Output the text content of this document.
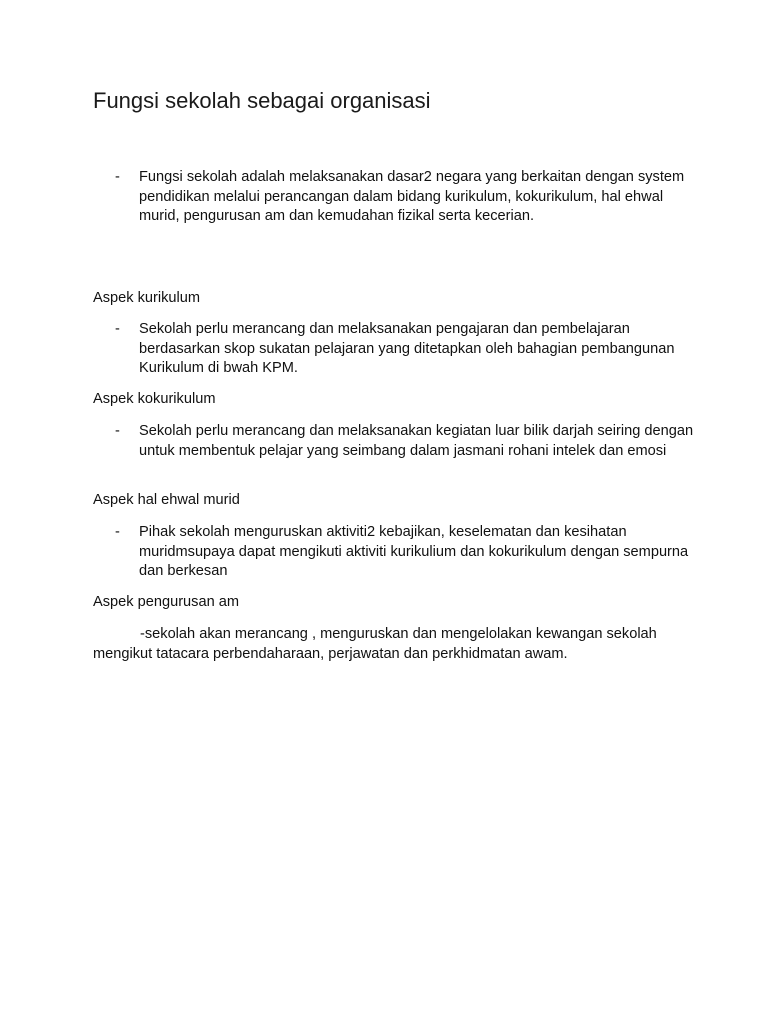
Fungsi sekolah sebagai organisasi
- Fungsi sekolah adalah melaksanakan dasar2 negara yang berkaitan dengan system pendidikan melalui perancangan dalam bidang kurikulum, kokurikulum, hal ehwal murid, pengurusan am dan kemudahan fizikal serta kecerian.

Aspek kurikulum

- Sekolah perlu merancang dan melaksanakan pengajaran dan pembelajaran berdasarkan skop sukatan pelajaran yang ditetapkan oleh bahagian pembangunan Kurikulum di bwah KPM.

Aspek kokurikulum

- Sekolah perlu merancang dan melaksanakan kegiatan luar bilik darjah seiring dengan untuk membentuk pelajar yang seimbang dalam jasmani rohani intelek dan emosi

Aspek hal ehwal murid

- Pihak sekolah menguruskan aktiviti2 kebajikan, keselematan dan kesihatan muridmsupaya dapat mengikuti aktiviti kurikulium dan kokurikulum dengan sempurna dan berkesan

Aspek pengurusan am

-sekolah akan merancang , menguruskan dan mengelolakan kewangan sekolah mengikut tatacara perbendaharaan, perjawatan dan perkhidmatan awam.
